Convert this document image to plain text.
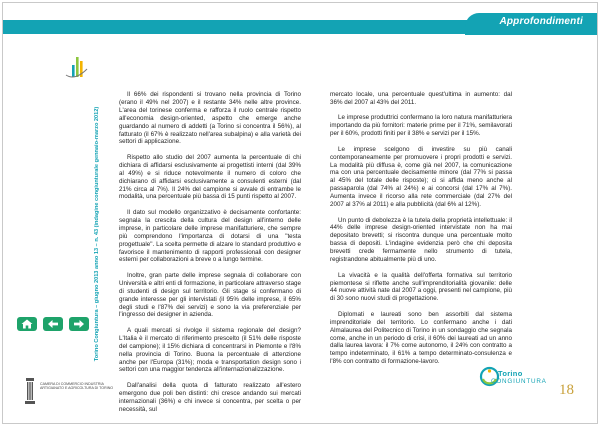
Approfondimenti
Torino Congiuntura – giugno 2013 anno 13 – n. 43 (indagine congiunturale gennaio-marzo 2012)
CAMERA DI COMMERCIO INDUSTRIA ARTIGIANATO E AGRICOLTURA DI TORINO

Il 66% dei rispondenti si trovano nella provincia di Torino (erano il 49% nel 2007) e il restante 34% nelle altre province. L'area del torinese conferma e rafforza il ruolo centrale rispetto all'economia design-oriented, aspetto che emerge anche guardando al numero di addetti (a Torino si concentra il 56%), al fatturato (il 67% è realizzato nell'area subalpina) e alla varietà dei settori di applicazione.

Rispetto allo studio del 2007 aumenta la percentuale di chi dichiara di affidarsi esclusivamente ai progettisti interni (dal 39% al 49%) e si riduce notevolmente il numero di coloro che dichiarano di affidarsi esclusivamente a consulenti esterni (dal 21% circa al 7%). Il 24% del campione si avvale di entrambe le modalità, una percentuale più bassa di 15 punti rispetto al 2007.

Il dato sul modello organizzativo è decisamente confortante: segnala la crescita della cultura del design all'interno delle imprese, in particolare delle imprese manifatturiere, che sempre più comprendono l'importanza di dotarsi di una "testa progettuale". La scelta permette di alzare lo standard produttivo e favorisce il mantenimento di rapporti professionali con designer esterni per collaborazioni a breve o a lungo termine.

Inoltre, gran parte delle imprese segnala di collaborare con Università e altri enti di formazione, in particolare attraverso stage di studenti di design sul territorio. Gli stage si confermano di grande interesse per gli intervistati (il 95% delle imprese, il 65% degli studi e l'87% dei servizi) e sono la via preferenziale per l'ingresso dei designer in azienda.

A quali mercati si rivolge il sistema regionale del design? L'Italia è il mercato di riferimento prescelto (il 51% delle risposte del campione); il 15% dichiara di concentrarsi in Piemonte e l'8% nella provincia di Torino. Buona la percentuale di attenzione anche per l'Europa (31%); moda e transportation design sono i settori con una maggior tendenza all'internazionalizzazione.

Dall'analisi della quota di fatturato realizzato all'estero emergono due poli ben distinti: chi cresce andando sui mercati internazionali (36%) e chi invece si concentra, per scelta o per necessità, sul

mercato locale, una percentuale quest'ultima in aumento: dal 36% del 2007 al 43% del 2011.

Le imprese produttrici confermano la loro natura manifatturiera importando da più fornitori: materie prime per il 71%, semilavorati per il 60%, prodotti finiti per il 38% e servizi per il 15%.

Le imprese scelgono di investire su più canali contemporaneamente per promuovere i propri prodotti e servizi. La modalità più diffusa è, come già nel 2007, la comunicazione ma con una percentuale decisamente minore (dal 77% si passa al 45% del totale delle risposte); ci si affida meno anche al passaparola (dal 74% al 24%) e ai concorsi (dal 17% al 7%). Aumenta invece il ricorso alla rete commerciale (dal 27% del 2007 al 37% al 2011) e alla pubblicità (dal 6% al 12%).

Un punto di debolezza è la tutela della proprietà intellettuale: il 44% delle imprese design-oriented intervistate non ha mai depositato brevetti; si riscontra dunque una percentuale molto bassa di depositi. L'indagine evidenzia però che chi deposita brevetti crede fermamente nello strumento di tutela, registrandone abitualmente più di uno.

La vivacità e la qualità dell'offerta formativa sul territorio piemontese si riflette anche sull'imprenditorialità giovanile: delle 44 nuove attività nate dal 2007 a oggi, presenti nel campione, più di 30 sono nuovi studi di progettazione.

Diplomati e laureati sono ben assorbiti dal sistema imprenditoriale del territorio. Lo confermano anche i dati Almalaurea del Politecnico di Torino in un sondaggio che segnala come, anche in un periodo di crisi, il 60% dei laureati ad un anno dalla laurea lavora: il 7% come autonomo, il 24% con contratto a tempo indeterminato, il 61% a tempo determinato-consulenza e l'8% con contratto di formazione-lavoro.

Torino
CONGIUNTURA
18
